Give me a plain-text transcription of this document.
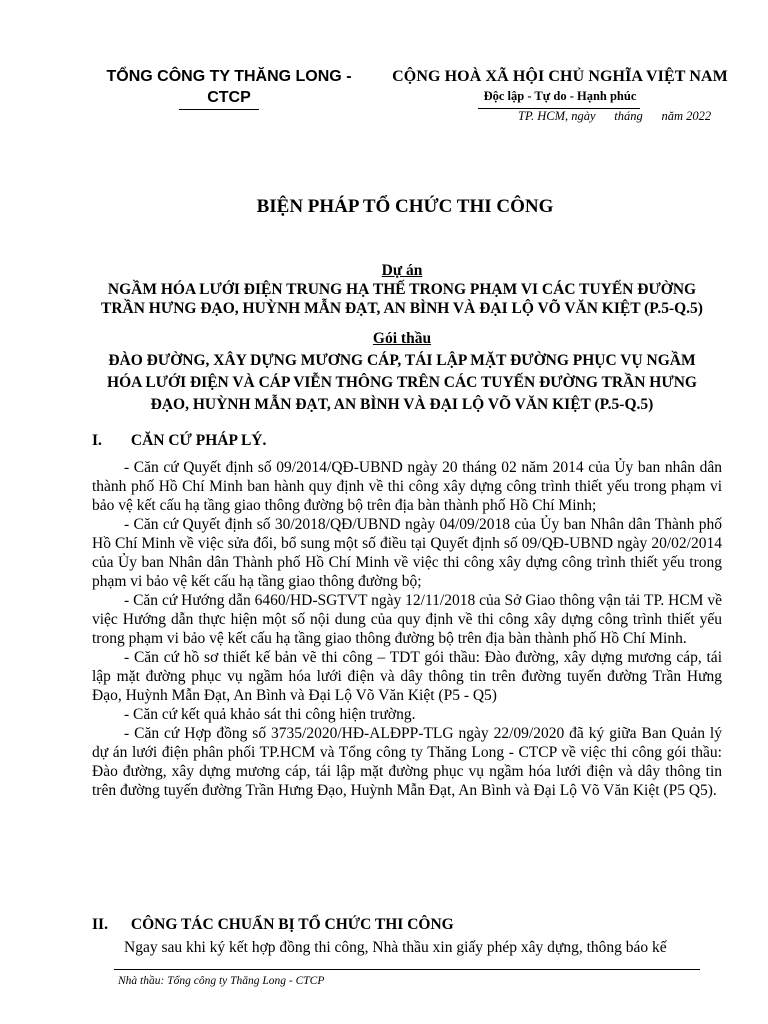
TỔNG CÔNG TY THĂNG LONG -
CTCP
CỘNG HOÀ XÃ HỘI CHỦ NGHĨA VIỆT NAM
Độc lập - Tự do - Hạnh phúc
TP. HCM, ngày      tháng      năm 2022
BIỆN PHÁP TỔ CHỨC THI CÔNG
Dự án
NGẦM HÓA LƯỚI ĐIỆN TRUNG HẠ THẾ TRONG PHẠM VI CÁC TUYẾN ĐƯỜNG
TRẦN HƯNG ĐẠO, HUỲNH MẪN ĐẠT, AN BÌNH VÀ ĐẠI LỘ VÕ VĂN KIỆT (P.5-Q.5)
Gói thầu
ĐÀO ĐƯỜNG, XÂY DỰNG MƯƠNG CÁP, TÁI LẬP MẶT ĐƯỜNG PHỤC VỤ NGẦM
HÓA LƯỚI ĐIỆN VÀ CÁP VIỄN THÔNG TRÊN CÁC TUYẾN ĐƯỜNG TRẦN HƯNG
ĐẠO, HUỲNH MẪN ĐẠT, AN BÌNH VÀ ĐẠI LỘ VÕ VĂN KIỆT (P.5-Q.5)
I. CĂN CỨ PHÁP LÝ.

- Căn cứ Quyết định số 09/2014/QĐ-UBND ngày 20 tháng 02 năm 2014 của Ủy ban nhân dân thành phố Hồ Chí Minh ban hành quy định về thi công xây dựng công trình thiết yếu trong phạm vi bảo vệ kết cấu hạ tầng giao thông đường bộ trên địa bàn thành phố Hồ Chí Minh;

- Căn cứ Quyết định số 30/2018/QĐ/UBND ngày 04/09/2018 của Ủy ban Nhân dân Thành phố Hồ Chí Minh về việc sửa đổi, bổ sung một số điều tại Quyết định số 09/QĐ-UBND ngày 20/02/2014 của Ủy ban Nhân dân Thành phố Hồ Chí Minh về việc thi công xây dựng công trình thiết yếu trong phạm vi bảo vệ kết cấu hạ tầng giao thông đường bộ;

- Căn cứ Hướng dẫn 6460/HD-SGTVT ngày 12/11/2018 của Sở Giao thông vận tải TP. HCM về việc Hướng dẫn thực hiện một số nội dung của quy định về thi công xây dựng công trình thiết yếu trong phạm vi bảo vệ kết cấu hạ tầng giao thông đường bộ trên địa bàn thành phố Hồ Chí Minh.

- Căn cứ hồ sơ thiết kế bản vẽ thi công – TDT gói thầu: Đào đường, xây dựng mương cáp, tái lập mặt đường phục vụ ngầm hóa lưới điện và dây thông tin trên đường tuyến đường Trần Hưng Đạo, Huỳnh Mẫn Đạt, An Bình và Đại Lộ Võ Văn Kiệt (P5 - Q5)

- Căn cứ kết quả khảo sát thi công hiện trường.

- Căn cứ Hợp đồng số 3735/2020/HĐ-ALĐPP-TLG ngày 22/09/2020 đã ký giữa Ban Quản lý dự án lưới điện phân phối TP.HCM và Tổng công ty Thăng Long - CTCP về việc thi công gói thầu: Đào đường, xây dựng mương cáp, tái lập mặt đường phục vụ ngầm hóa lưới điện và dây thông tin trên đường tuyến đường Trần Hưng Đạo, Huỳnh Mẫn Đạt, An Bình và Đại Lộ Võ Văn Kiệt (P5 Q5).

II. CÔNG TÁC CHUẨN BỊ TỔ CHỨC THI CÔNG

Ngay sau khi ký kết hợp đồng thi công, Nhà thầu xin giấy phép xây dựng, thông báo kế

Nhà thầu: Tổng công ty Thăng Long - CTCP
